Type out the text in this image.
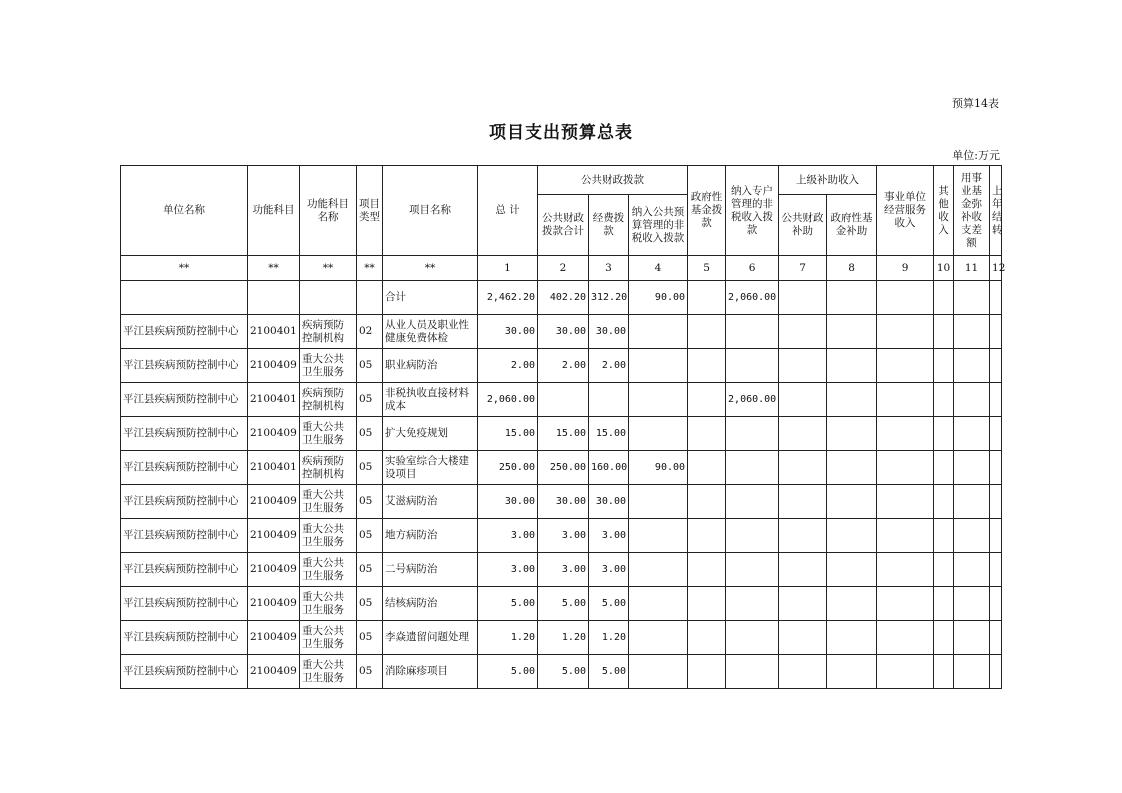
预算14表
项目支出预算总表
单位:万元
单位名称	功能科目	功能科目名称	项目类型	项目名称	总 计	公共财政拨款			政府性基金拨款	纳入专户管理的非税收入拨款	上级补助收入		事业单位经营服务收入	其他收入	用事业基金弥补收支差额	上年结转
						公共财政拨款合计	经费拨款	纳入公共预算管理的非税收入拨款			公共财政补助	政府性基金补助				
**	**	**	**	**	1	2	3	4	5	6	7	8	9	10	11	12
				合计	2,462.20	402.20	312.20	90.00		2,060.00						
平江县疾病预防控制中心	2100401	疾病预防控制机构	02	从业人员及职业性健康免费体检	30.00	30.00	30.00									
平江县疾病预防控制中心	2100409	重大公共卫生服务	05	职业病防治	2.00	2.00	2.00									
平江县疾病预防控制中心	2100401	疾病预防控制机构	05	非税执收直接材料成本	2,060.00					2,060.00						
平江县疾病预防控制中心	2100409	重大公共卫生服务	05	扩大免疫规划	15.00	15.00	15.00									
平江县疾病预防控制中心	2100401	疾病预防控制机构	05	实验室综合大楼建设项目	250.00	250.00	160.00	90.00								
平江县疾病预防控制中心	2100409	重大公共卫生服务	05	艾滋病防治	30.00	30.00	30.00									
平江县疾病预防控制中心	2100409	重大公共卫生服务	05	地方病防治	3.00	3.00	3.00									
平江县疾病预防控制中心	2100409	重大公共卫生服务	05	二号病防治	3.00	3.00	3.00									
平江县疾病预防控制中心	2100409	重大公共卫生服务	05	结核病防治	5.00	5.00	5.00									
平江县疾病预防控制中心	2100409	重大公共卫生服务	05	李焱遗留问题处理	1.20	1.20	1.20									
平江县疾病预防控制中心	2100409	重大公共卫生服务	05	消除麻疹项目	5.00	5.00	5.00									
